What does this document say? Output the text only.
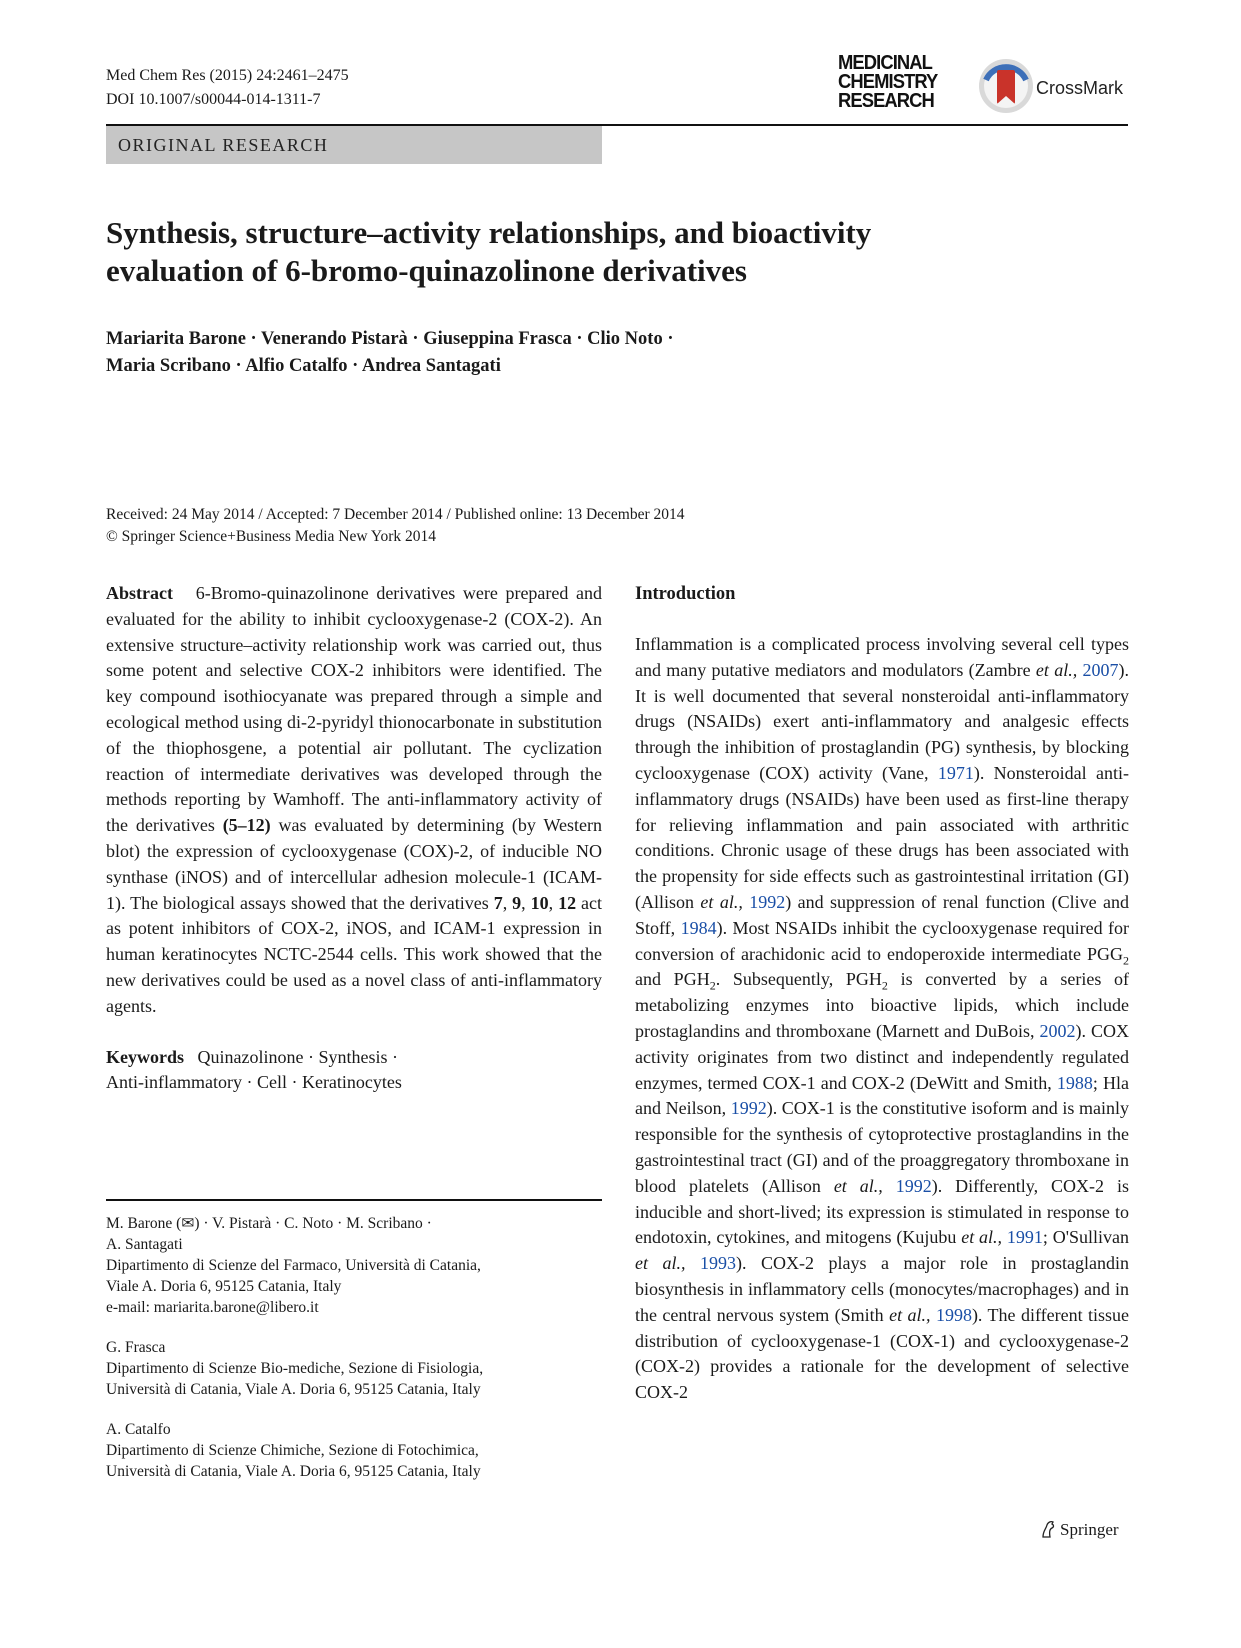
Med Chem Res (2015) 24:2461–2475
DOI 10.1007/s00044-014-1311-7
MEDICINAL
CHEMISTRY
RESEARCH
CrossMark
ORIGINAL RESEARCH
Synthesis, structure–activity relationships, and bioactivity
evaluation of 6-bromo-quinazolinone derivatives
Mariarita Barone · Venerando Pistarà · Giuseppina Frasca · Clio Noto ·
Maria Scribano · Alfio Catalfo · Andrea Santagati
Received: 24 May 2014 / Accepted: 7 December 2014 / Published online: 13 December 2014
© Springer Science+Business Media New York 2014
Abstract 6-Bromo-quinazolinone derivatives were prepared and evaluated for the ability to inhibit cyclooxygenase-2 (COX-2). An extensive structure–activity relationship work was carried out, thus some potent and selective COX-2 inhibitors were identified. The key compound isothiocyanate was prepared through a simple and ecological method using di-2-pyridyl thionocarbonate in substitution of the thiophosgene, a potential air pollutant. The cyclization reaction of intermediate derivatives was developed through the methods reporting by Wamhoff. The anti-inflammatory activity of the derivatives (5–12) was evaluated by determining (by Western blot) the expression of cyclooxygenase (COX)-2, of inducible NO synthase (iNOS) and of intercellular adhesion molecule-1 (ICAM-1). The biological assays showed that the derivatives 7, 9, 10, 12 act as potent inhibitors of COX-2, iNOS, and ICAM-1 expression in human keratinocytes NCTC-2544 cells. This work showed that the new derivatives could be used as a novel class of anti-inflammatory agents.
Keywords Quinazolinone · Synthesis ·
Anti-inflammatory · Cell · Keratinocytes
M. Barone (✉) · V. Pistarà · C. Noto · M. Scribano ·
A. Santagati
Dipartimento di Scienze del Farmaco, Università di Catania,
Viale A. Doria 6, 95125 Catania, Italy
e-mail: mariarita.barone@libero.it
G. Frasca
Dipartimento di Scienze Bio-mediche, Sezione di Fisiologia,
Università di Catania, Viale A. Doria 6, 95125 Catania, Italy
A. Catalfo
Dipartimento di Scienze Chimiche, Sezione di Fotochimica,
Università di Catania, Viale A. Doria 6, 95125 Catania, Italy
Introduction
Inflammation is a complicated process involving several cell types and many putative mediators and modulators (Zambre et al., 2007). It is well documented that several nonsteroidal anti-inflammatory drugs (NSAIDs) exert anti-inflammatory and analgesic effects through the inhibition of prostaglandin (PG) synthesis, by blocking cyclooxygenase (COX) activity (Vane, 1971). Nonsteroidal anti-inflammatory drugs (NSAIDs) have been used as first-line therapy for relieving inflammation and pain associated with arthritic conditions. Chronic usage of these drugs has been associated with the propensity for side effects such as gastrointestinal irritation (GI) (Allison et al., 1992) and suppression of renal function (Clive and Stoff, 1984). Most NSAIDs inhibit the cyclooxygenase required for conversion of arachidonic acid to endoperoxide intermediate $PGG_2$ and $PGH_2$. Subsequently, $PGH_2$ is converted by a series of metabolizing enzymes into bioactive lipids, which include prostaglandins and thromboxane (Marnett and DuBois, 2002). COX activity originates from two distinct and independently regulated enzymes, termed COX-1 and COX-2 (DeWitt and Smith, 1988; Hla and Neilson, 1992). COX-1 is the constitutive isoform and is mainly responsible for the synthesis of cytoprotective prostaglandins in the gastrointestinal tract (GI) and of the proaggregatory thromboxane in blood platelets (Allison et al., 1992). Differently, COX-2 is inducible and short-lived; its expression is stimulated in response to endotoxin, cytokines, and mitogens (Kujubu et al., 1991; O'Sullivan et al., 1993). COX-2 plays a major role in prostaglandin biosynthesis in inflammatory cells (monocytes/macrophages) and in the central nervous system (Smith et al., 1998). The different tissue distribution of cyclooxygenase-1 (COX-1) and cyclooxygenase-2 (COX-2) provides a rationale for the development of selective COX-2
Springer
